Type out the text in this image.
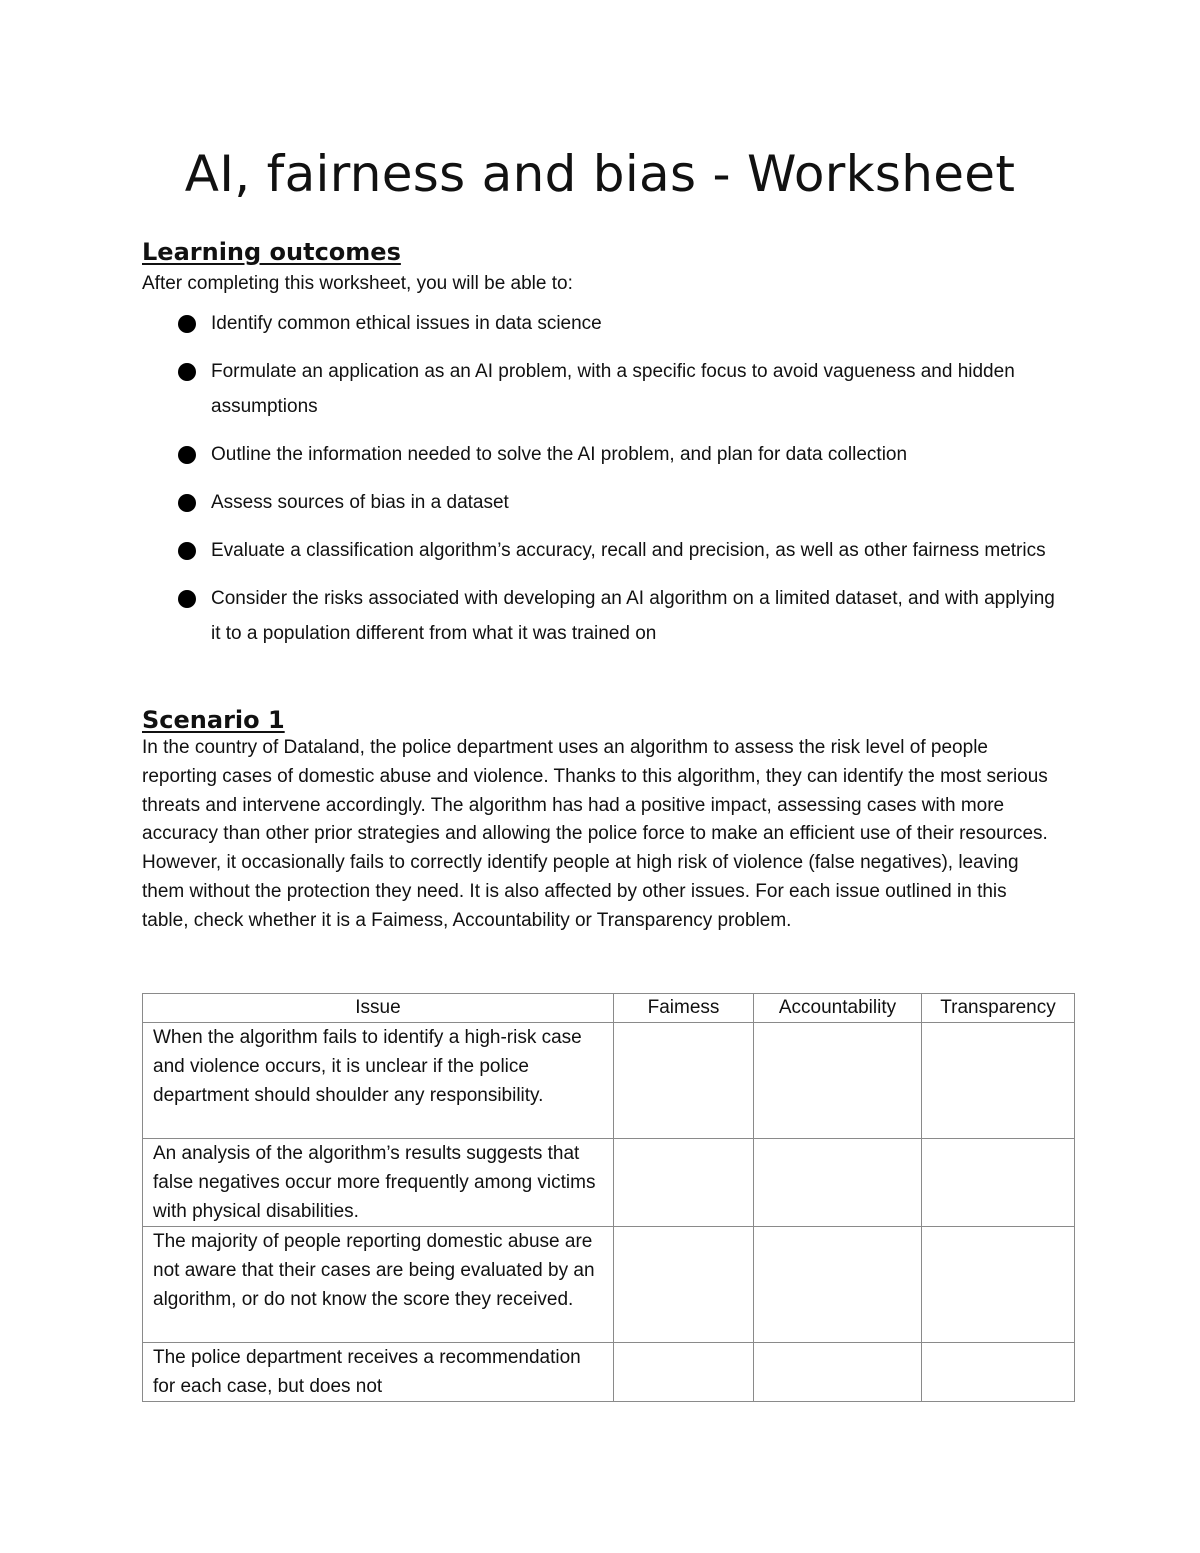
AI, fairness and bias - Worksheet
Learning outcomes

After completing this worksheet, you will be able to:

Identify common ethical issues in data science
Formulate an application as an AI problem, with a specific focus to avoid vagueness and hidden assumptions
Outline the information needed to solve the AI problem, and plan for data collection
Assess sources of bias in a dataset
Evaluate a classification algorithm’s accuracy, recall and precision, as well as other fairness metrics
Consider the risks associated with developing an AI algorithm on a limited dataset, and with applying it to a population different from what it was trained on
Scenario 1

In the country of Dataland, the police department uses an algorithm to assess the risk level of people reporting cases of domestic abuse and violence. Thanks to this algorithm, they can identify the most serious threats and intervene accordingly. The algorithm has had a positive impact, assessing cases with more accuracy than other prior strategies and allowing the police force to make an efficient use of their resources. However, it occasionally fails to correctly identify people at high risk of violence (false negatives), leaving them without the protection they need. It is also affected by other issues. For each issue outlined in this table, check whether it is a Faimess, Accountability or Transparency problem.

Issue	Faimess	Accountability	Transparency
When the algorithm fails to identify a high-risk case and violence occurs, it is unclear if the police department should shoulder any responsibility.			
An analysis of the algorithm’s results suggests that false negatives occur more frequently among victims with physical disabilities.			
The majority of people reporting domestic abuse are not aware that their cases are being evaluated by an algorithm, or do not know the score they received.			
The police department receives a recommendation for each case, but does not			
